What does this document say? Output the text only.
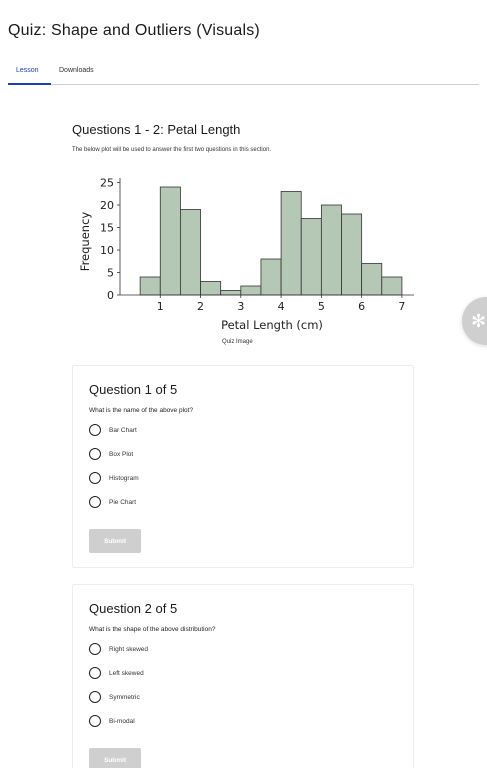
Quiz: Shape and Outliers (Visuals)
Lesson	Downloads
Questions 1 - 2: Petal Length
The below plot will be used to answer the first two questions in this section.
0
5
10
15
20
25
1	2	3	4	5	6	7
Petal Length (cm)
Frequency
Quiz Image
Question 1 of 5
What is the name of the above plot?
Bar Chart
Box Plot
Histogram
Pie Chart
Submit
Question 2 of 5
What is the shape of the above distribution?
Right skewed
Left skewed
Symmetric
Bi-modal
Submit
✻
